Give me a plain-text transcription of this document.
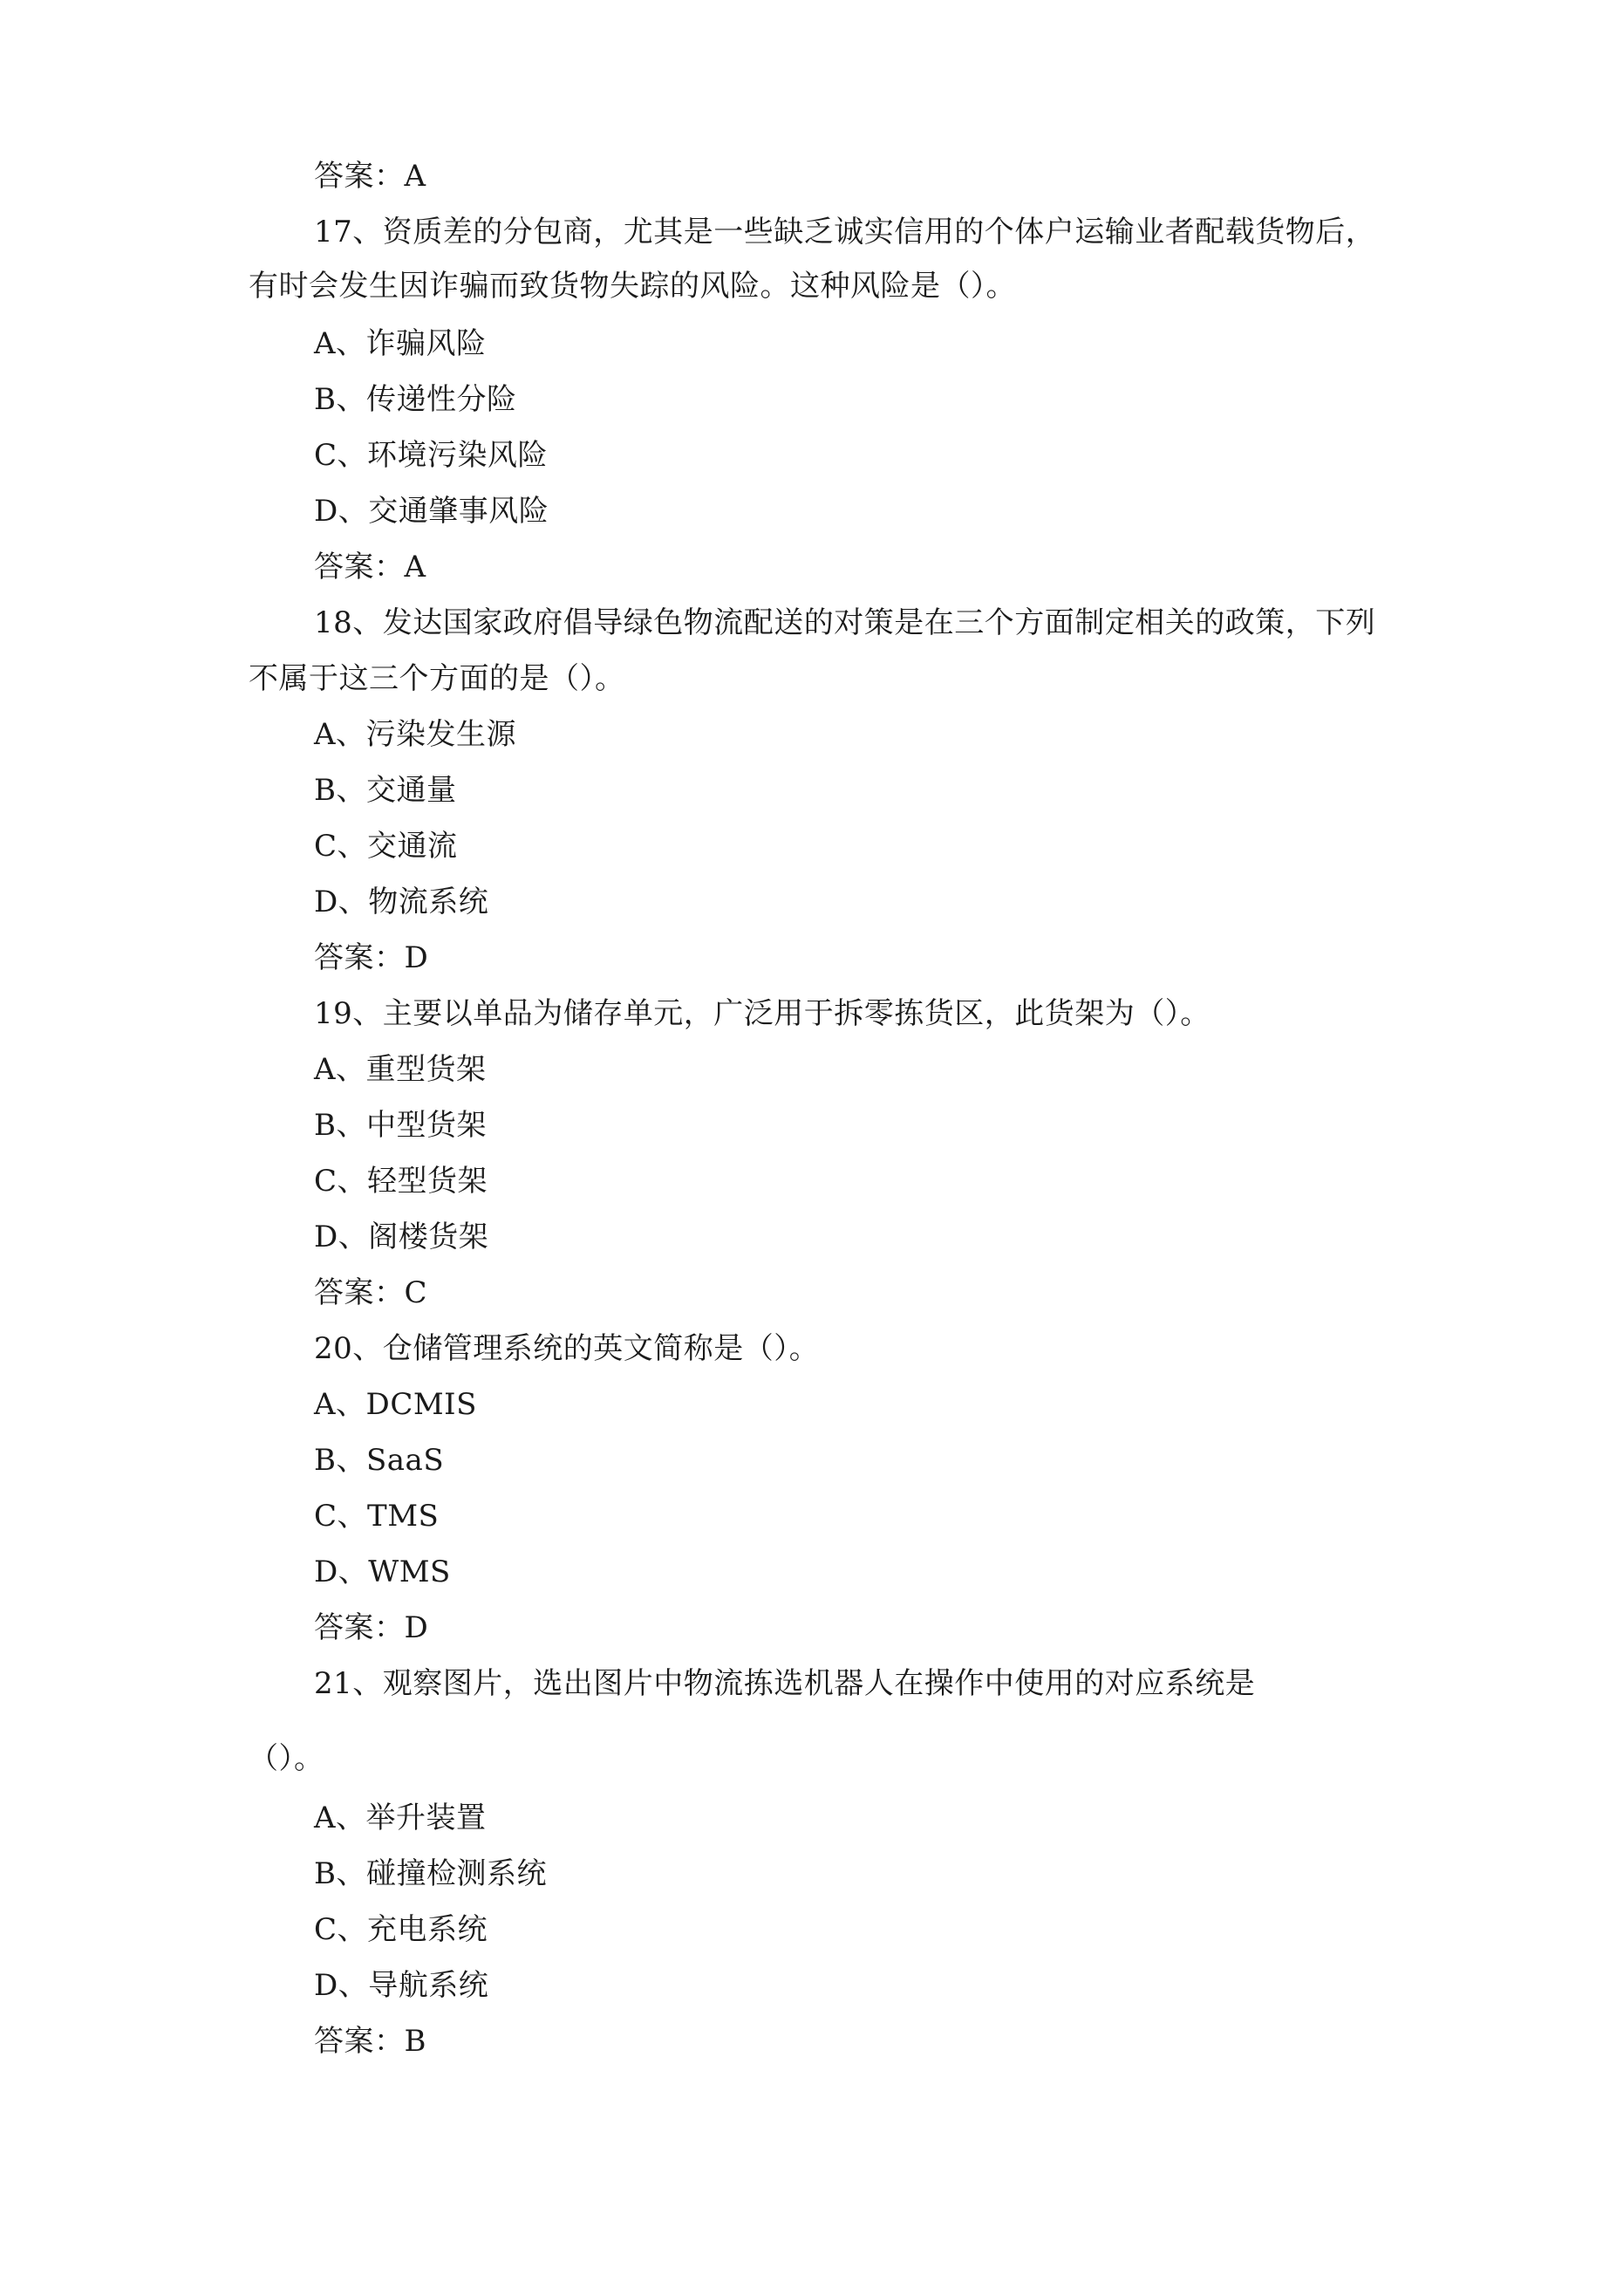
答案：A
17、资质差的分包商，尤其是一些缺乏诚实信用的个体户运输业者配载货物后，
有时会发生因诈骗而致货物失踪的风险。这种风险是（）。
A、诈骗风险
B、传递性分险
C、环境污染风险
D、交通肇事风险
答案：A
18、发达国家政府倡导绿色物流配送的对策是在三个方面制定相关的政策，下列
不属于这三个方面的是（）。
A、污染发生源
B、交通量
C、交通流
D、物流系统
答案：D
19、主要以单品为储存单元，广泛用于拆零拣货区，此货架为（）。
A、重型货架
B、中型货架
C、轻型货架
D、阁楼货架
答案：C
20、仓储管理系统的英文简称是（）。
A、DCMIS
B、SaaS
C、TMS
D、WMS
答案：D
21、观察图片，选出图片中物流拣选机器人在操作中使用的对应系统是
（）。
A、举升装置
B、碰撞检测系统
C、充电系统
D、导航系统
答案：B
